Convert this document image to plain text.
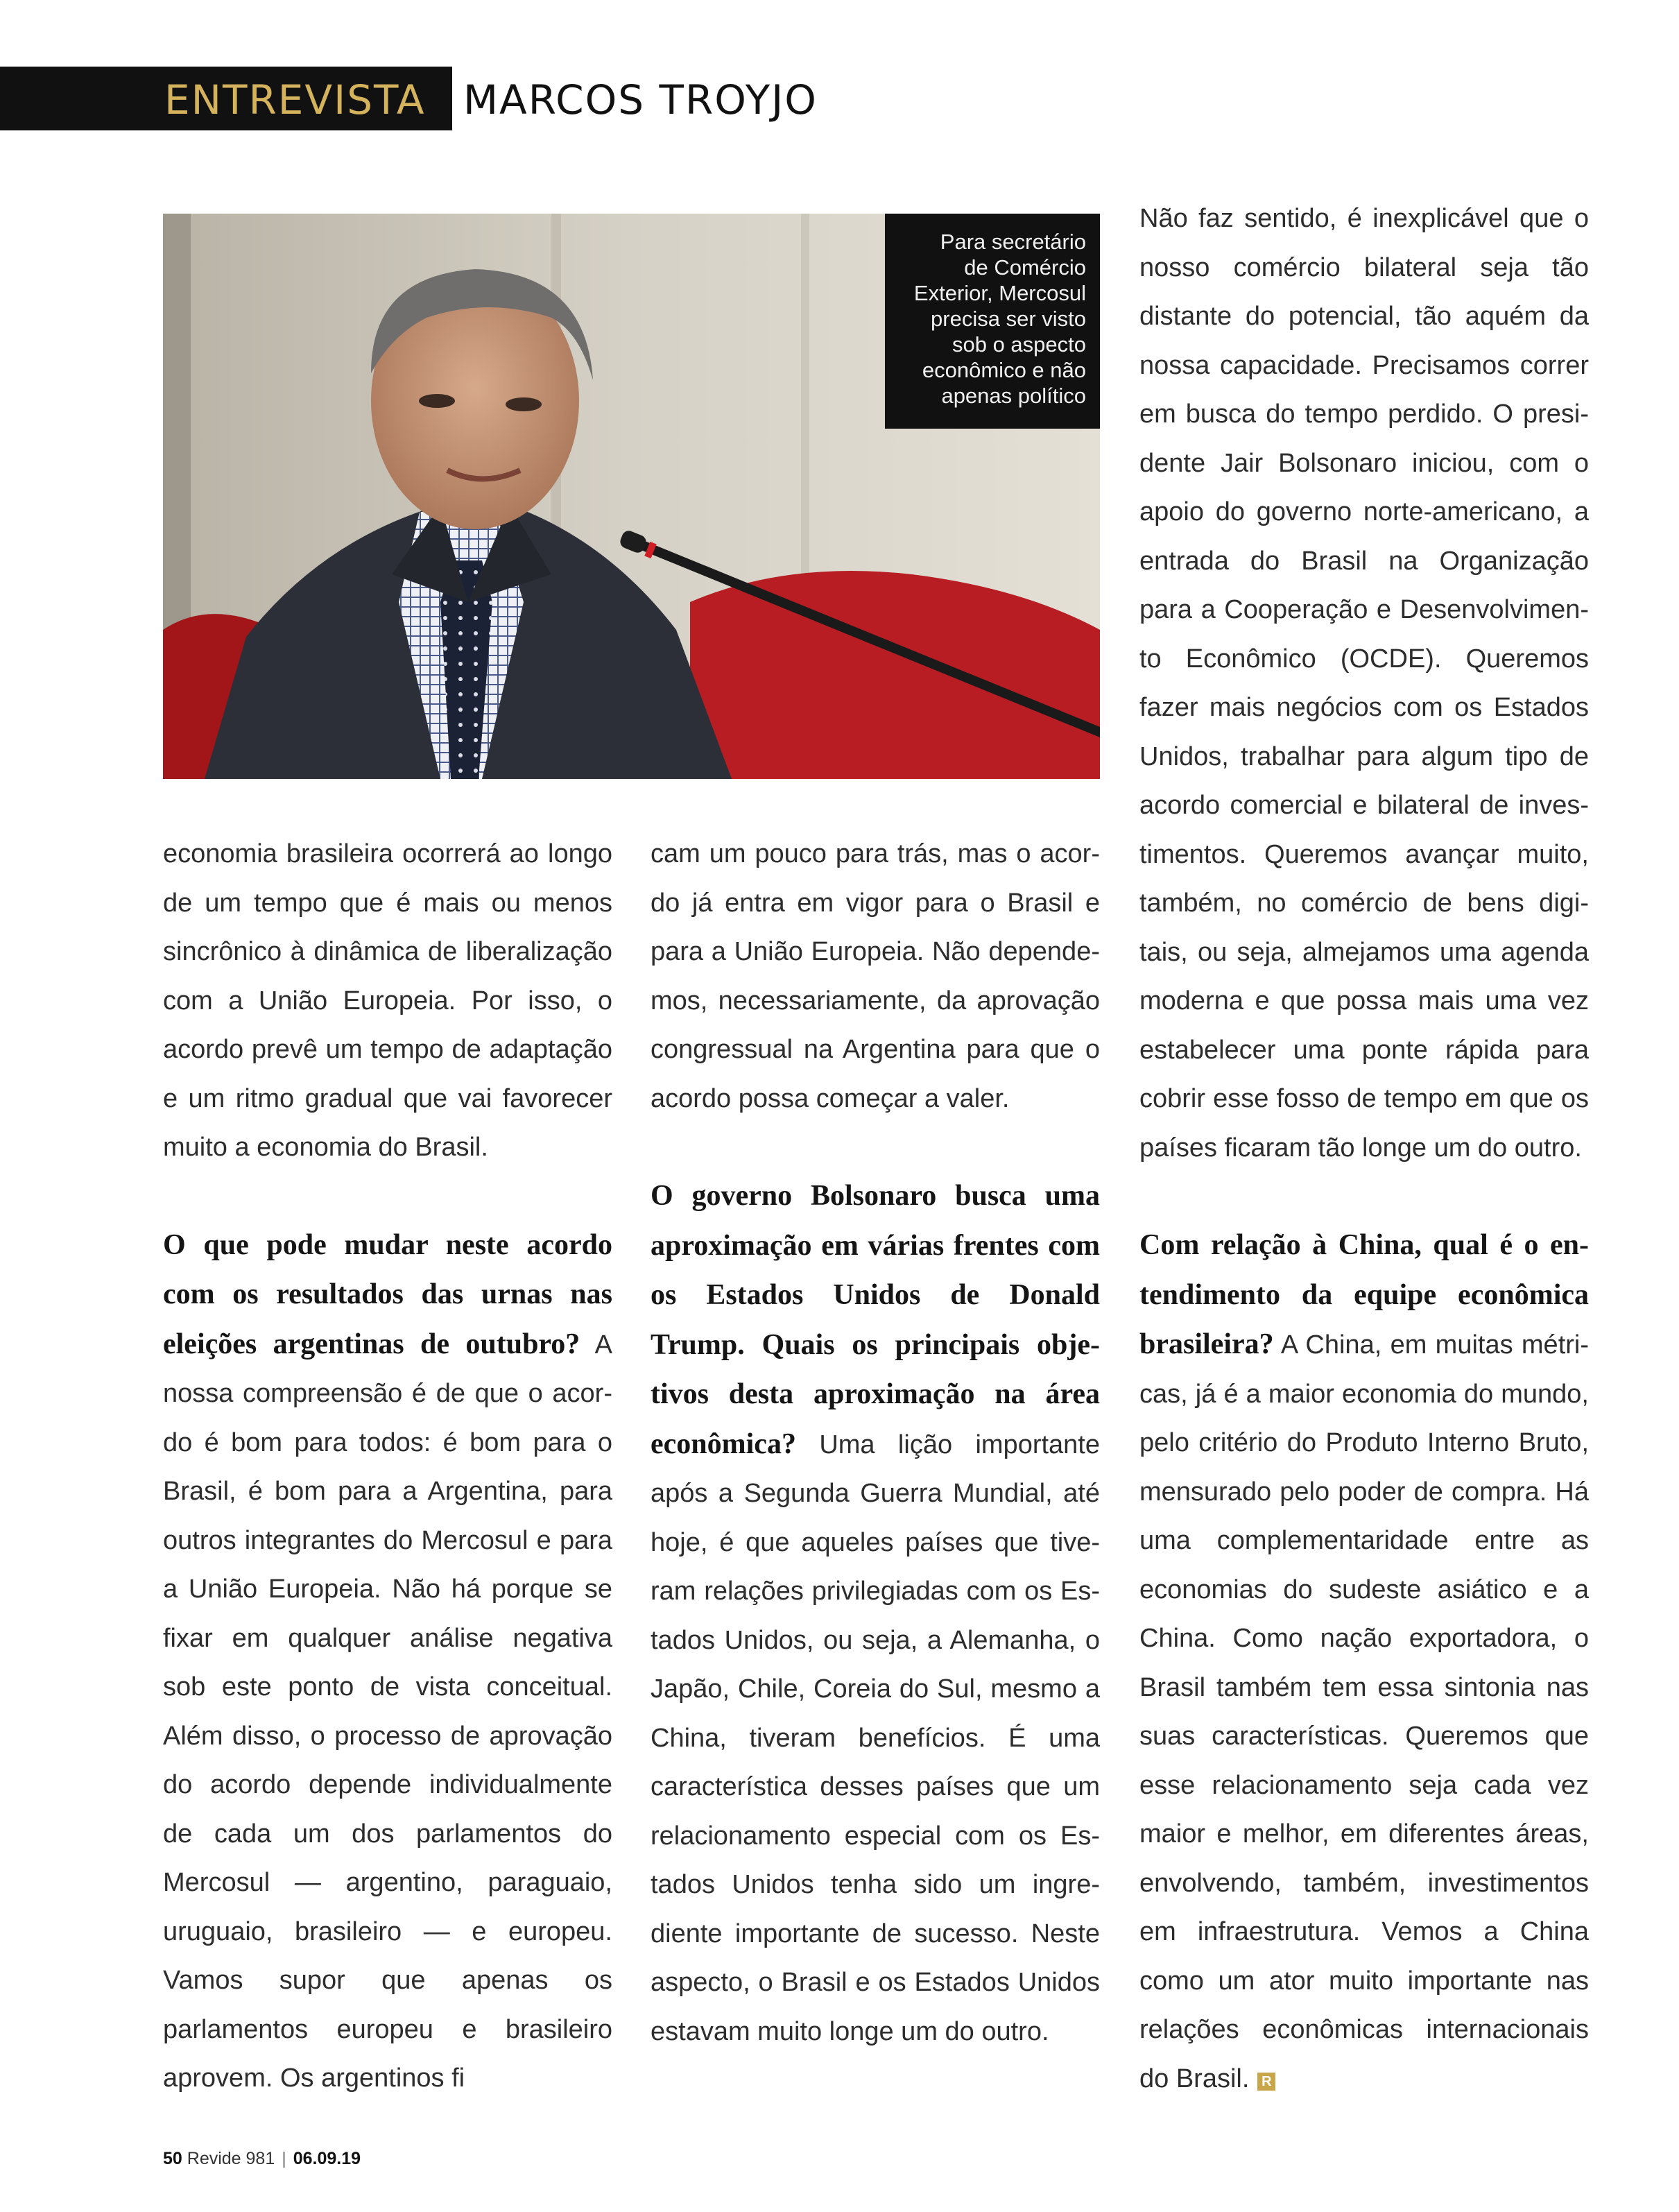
ENTREVISTA MARCOS TROYJO
Para secretário
de Comércio
Exterior, Mercosul
precisa ser visto
sob o aspecto
econômico e não
apenas político

economia brasileira ocorrerá ao longo de um tempo que é mais ou menos sincrônico à dinâmica de liberalização com a União Europeia. Por isso, o acordo prevê um tempo de adaptação e um ritmo gradual que vai favorecer muito a economia do Brasil.

O que pode mudar neste acordo com os resultados das urnas nas eleições argentinas de outubro? A nossa compreensão é de que o acordo é bom para todos: é bom para o Brasil, é bom para a Argentina, para outros integrantes do Mercosul e para a União Europeia. Não há porque se fixar em qualquer análise negativa sob este ponto de vista conceitual. Além disso, o processo de aprovação do acordo depende individualmente de cada um dos parlamentos do Mercosul — argentino, paraguaio, uruguaio, brasileiro — e europeu. Vamos supor que apenas os parlamentos europeu e brasileiro aprovem. Os argentinos fi

cam um pouco para trás, mas o acordo já entra em vigor para o Brasil e para a União Europeia. Não dependemos, necessariamente, da aprovação congressual na Argentina para que o acordo possa começar a valer.

O governo Bolsonaro busca uma aproximação em várias frentes com os Estados Unidos de Donald Trump. Quais os principais objetivos desta aproximação na área econômica? Uma lição importante após a Segunda Guerra Mundial, até hoje, é que aqueles países que tiveram relações privilegiadas com os Estados Unidos, ou seja, a Alemanha, o Japão, Chile, Coreia do Sul, mesmo a China, tiveram benefícios. É uma característica desses países que um relacionamento especial com os Estados Unidos tenha sido um ingrediente importante de sucesso. Neste aspecto, o Brasil e os Estados Unidos estavam muito longe um do outro.

Não faz sentido, é inexplicável que o nosso comércio bilateral seja tão distante do potencial, tão aquém da nossa capacidade. Precisamos correr em busca do tempo perdido. O presidente Jair Bolsonaro iniciou, com o apoio do governo norte-americano, a entrada do Brasil na Organização para a Cooperação e Desenvolvimento Econômico (OCDE). Queremos fazer mais negócios com os Estados Unidos, trabalhar para algum tipo de acordo comercial e bilateral de investimentos. Queremos avançar muito, também, no comércio de bens digitais, ou seja, almejamos uma agenda moderna e que possa mais uma vez estabelecer uma ponte rápida para cobrir esse fosso de tempo em que os países ficaram tão longe um do outro.

Com relação à China, qual é o entendimento da equipe econômica brasileira? A China, em muitas métricas, já é a maior economia do mundo, pelo critério do Produto Interno Bruto, mensurado pelo poder de compra. Há uma complementaridade entre as economias do sudeste asiático e a China. Como nação exportadora, o Brasil também tem essa sintonia nas suas características. Queremos que esse relacionamento seja cada vez maior e melhor, em diferentes áreas, envolvendo, também, investimentos em infraestrutura. Vemos a China como um ator muito importante nas relações econômicas internacionais do Brasil. R

50 Revide 981 | 06.09.19
